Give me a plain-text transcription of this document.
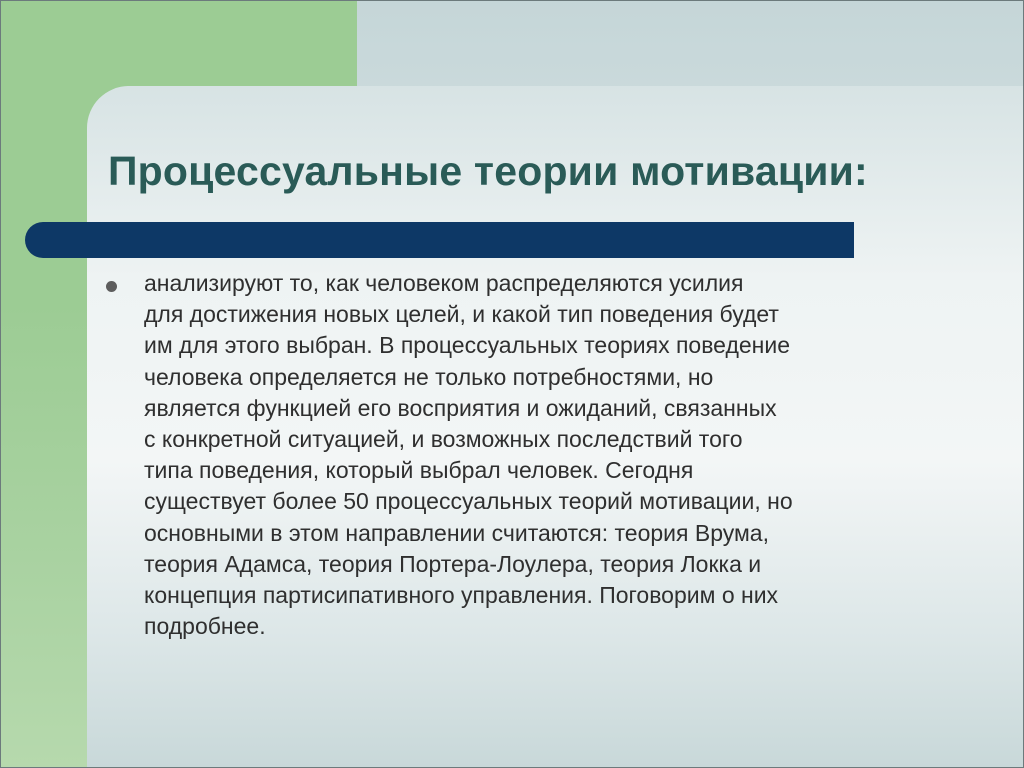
Процессуальные теории мотивации:

анализируют то, как человеком распределяются усилия
для достижения новых целей, и какой тип поведения будет
им для этого выбран. В процессуальных теориях поведение
человека определяется не только потребностями, но
является функцией его восприятия и ожиданий, связанных
с конкретной ситуацией, и возможных последствий того
типа поведения, который выбрал человек. Сегодня
существует более 50 процессуальных теорий мотивации, но
основными в этом направлении считаются: теория Врума,
теория Адамса, теория Портера-Лоулера, теория Локка и
концепция партисипативного управления. Поговорим о них
подробнее.
